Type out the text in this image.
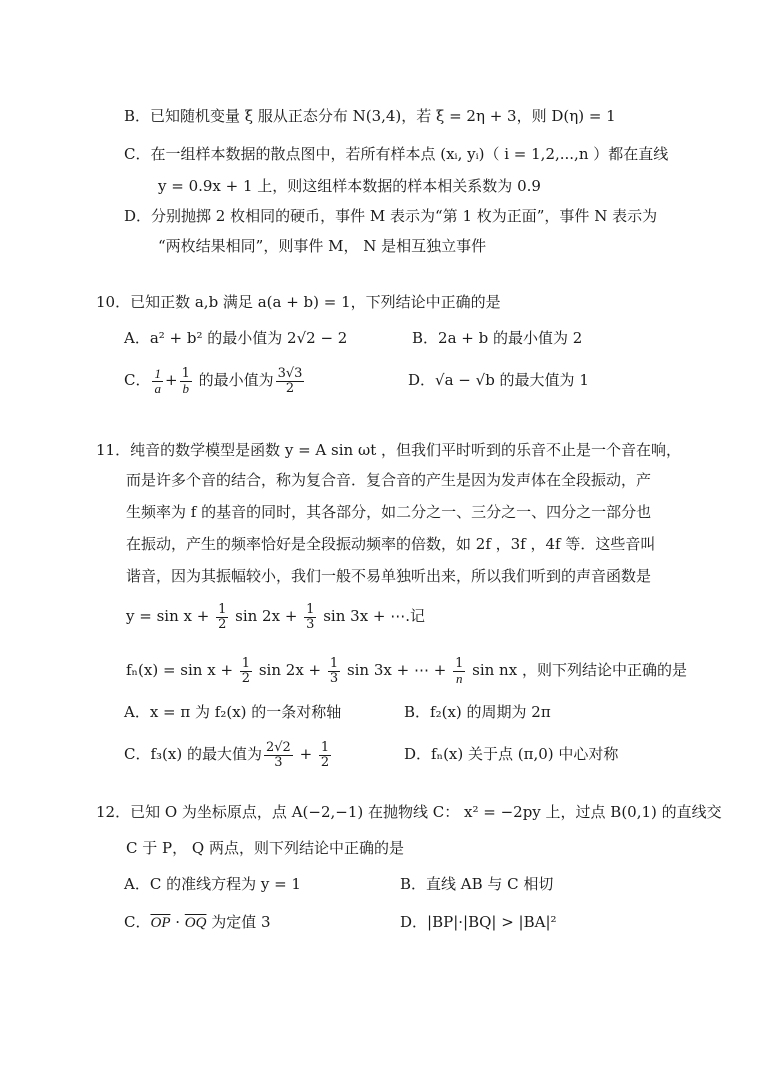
B．已知随机变量 ξ 服从正态分布 N(3,4)，若 ξ = 2η + 3，则 D(η) = 1
C．在一组样本数据的散点图中，若所有样本点 (xᵢ, yᵢ)（ i = 1,2,...,n ）都在直线
y = 0.9x + 1 上，则这组样本数据的样本相关系数为 0.9
D．分别抛掷 2 枚相同的硬币，事件 M 表示为“第 1 枚为正面”，事件 N 表示为
“两枚结果相同”，则事件 M， N 是相互独立事件
10．已知正数 a,b 满足 a(a + b) = 1，下列结论中正确的是
A．a² + b² 的最小值为 2√2 − 2	B．2a + b 的最小值为 2
C． $\frac{1}{a} + \frac{1}{b}$ 的最小值为 $\frac{3√3}{2}$	D．√a − √b 的最大值为 1
11．纯音的数学模型是函数 y = A sin ωt ，但我们平时听到的乐音不止是一个音在响，
而是许多个音的结合，称为复合音．复合音的产生是因为发声体在全段振动，产
生频率为 f 的基音的同时，其各部分，如二分之一、三分之一、四分之一部分也
在振动，产生的频率恰好是全段振动频率的倍数，如 2f ，3f ，4f 等．这些音叫
谐音，因为其振幅较小，我们一般不易单独听出来，所以我们听到的声音函数是
$y = \sin x + \frac{1}{2}$ $\sin 2x + \frac{1}{3}$ sin 3x + ⋯.记
$f_n(x) = \sin x + \frac{1}{2}$ $\sin 2x + \frac{1}{3}$ sin 3x + ⋯ + $\frac{1}{n}$ sin nx ，则下列结论中正确的是
A．x = π 为 f₂(x) 的一条对称轴	B．f₂(x) 的周期为 2π
C．f₃(x) 的最大值为 $\frac{2√2}{3} + \frac{1}{2}$	D．fₙ(x) 关于点 (π,0) 中心对称
12．已知 O 为坐标原点，点 A(−2,−1) 在抛物线 C： x² = −2py 上，过点 B(0,1) 的直线交
C 于 P， Q 两点，则下列结论中正确的是
A．C 的准线方程为 y = 1	B．直线 AB 与 C 相切
C．$\overline{OP} \cdot \overline{OQ}$ 为定值 3	D．|BP|·|BQ| > |BA|²
